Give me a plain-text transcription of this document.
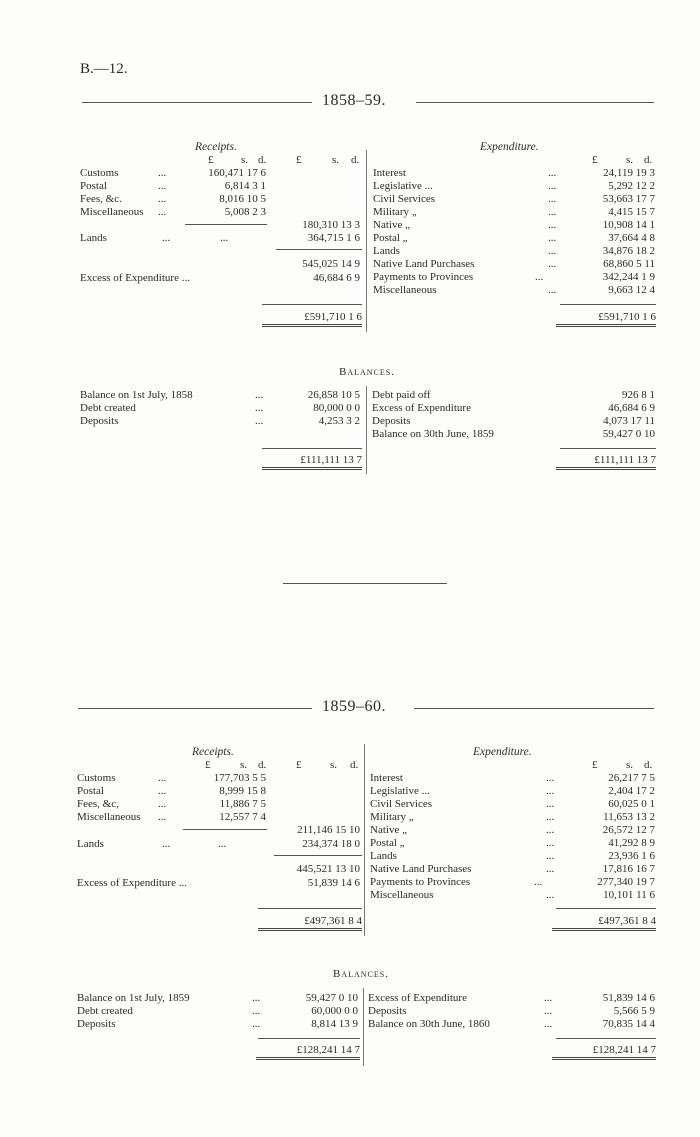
B.—12.
1858–59.
Receipts.
£	s. d.	£	s. d.
Customs	...	160,471 17 6
Postal	...	6,814 3 1
Fees, &c.	...	8,016 10 5
Miscellaneous ...	5,008 2 3
180,310 13 3
Lands	...	...	364,715 1 6
545,025 14 9
Excess of Expenditure ...	46,684 6 9
£591,710 1 6
Expenditure.
£	s. d.
Interest	...	24,119 19 3
Legislative ...	...	5,292 12 2
Civil Services	...	53,663 17 7
Military „	...	4,415 15 7
Native „	...	10,908 14 1
Postal „	...	37,664 4 8
Lands	...	34,876 18 2
Native Land Purchases	...	68,860 5 11
Payments to Provinces	...	342,244 1 9
Miscellaneous	...	9,663 12 4
£591,710 1 6
Balances.
Balance on 1st July, 1858	...	26,858 10 5
Debt created	...	80,000 0 0
Deposits	...	4,253 3 2
£111,111 13 7
Debt paid off	926 8 1
Excess of Expenditure	46,684 6 9
Deposits	4,073 17 11
Balance on 30th June, 1859	59,427 0 10
£111,111 13 7
1859–60.
Receipts.
£	s. d.	£	s. d.
Customs	...	177,703 5 5
Postal	...	8,999 15 8
Fees, &c,	...	11,886 7 5
Miscellaneous ...	12,557 7 4
211,146 15 10
Lands	...	...	234,374 18 0
445,521 13 10
Excess of Expenditure ...	51,839 14 6
£497,361 8 4
Expenditure.
£	s. d.
Interest	...	26,217 7 5
Legislative ...	...	2,404 17 2
Civil Services	...	60,025 0 1
Military „	...	11,653 13 2
Native „	...	26,572 12 7
Postal „	...	41,292 8 9
Lands	...	23,936 1 6
Native Land Purchases	...	17,816 16 7
Payments to Provinces	...	277,340 19 7
Miscellaneous	...	10,101 11 6
£497,361 8 4
Balances.
Balance on 1st July, 1859	...	59,427 0 10
Debt created	...	60,000 0 0
Deposits	...	8,814 13 9
£128,241 14 7
Excess of Expenditure	...	51,839 14 6
Deposits	...	5,566 5 9
Balance on 30th June, 1860	...	70,835 14 4
£128,241 14 7
